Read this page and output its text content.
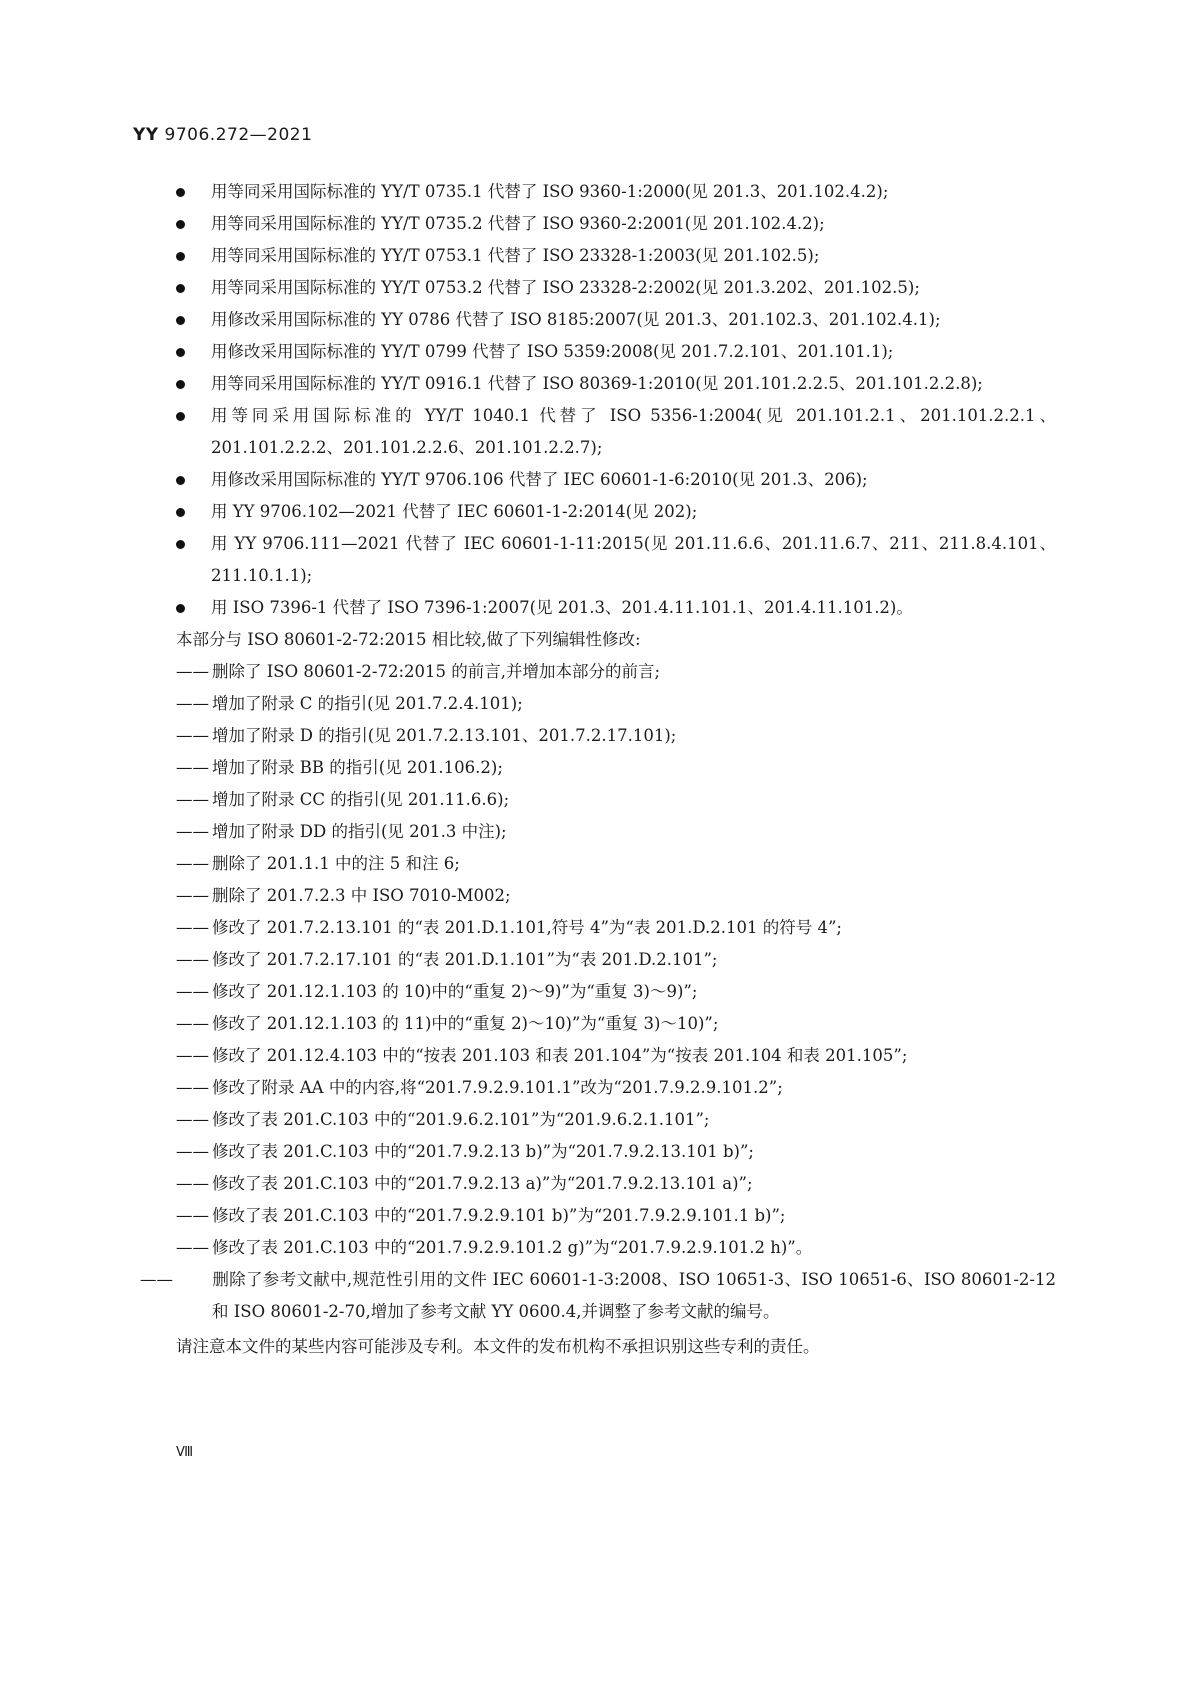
YY 9706.272—2021
用等同采用国际标准的 YY/T 0735.1 代替了 ISO 9360-1:2000(见 201.3、201.102.4.2);
用等同采用国际标准的 YY/T 0735.2 代替了 ISO 9360-2:2001(见 201.102.4.2);
用等同采用国际标准的 YY/T 0753.1 代替了 ISO 23328-1:2003(见 201.102.5);
用等同采用国际标准的 YY/T 0753.2 代替了 ISO 23328-2:2002(见 201.3.202、201.102.5);
用修改采用国际标准的 YY 0786 代替了 ISO 8185:2007(见 201.3、201.102.3、201.102.4.1);
用修改采用国际标准的 YY/T 0799 代替了 ISO 5359:2008(见 201.7.2.101、201.101.1);
用等同采用国际标准的 YY/T 0916.1 代替了 ISO 80369-1:2010(见 201.101.2.2.5、201.101.2.2.8);
用等同采用国际标准的 YY/T 1040.1 代替了 ISO 5356-1:2004(见 201.101.2.1、201.101.2.2.1、201.101.2.2.2、201.101.2.2.6、201.101.2.2.7);
用修改采用国际标准的 YY/T 9706.106 代替了 IEC 60601-1-6:2010(见 201.3、206);
用 YY 9706.102—2021 代替了 IEC 60601-1-2:2014(见 202);
用 YY 9706.111—2021 代替了 IEC 60601-1-11:2015(见 201.11.6.6、201.11.6.7、211、211.8.4.101、211.10.1.1);
用 ISO 7396-1 代替了 ISO 7396-1:2007(见 201.3、201.4.11.101.1、201.4.11.101.2)。
本部分与 ISO 80601-2-72:2015 相比较,做了下列编辑性修改:
—— 删除了 ISO 80601-2-72:2015 的前言,并增加本部分的前言;
—— 增加了附录 C 的指引(见 201.7.2.4.101);
—— 增加了附录 D 的指引(见 201.7.2.13.101、201.7.2.17.101);
—— 增加了附录 BB 的指引(见 201.106.2);
—— 增加了附录 CC 的指引(见 201.11.6.6);
—— 增加了附录 DD 的指引(见 201.3 中注);
—— 删除了 201.1.1 中的注 5 和注 6;
—— 删除了 201.7.2.3 中 ISO 7010-M002;
—— 修改了 201.7.2.13.101 的“表 201.D.1.101,符号 4”为“表 201.D.2.101 的符号 4”;
—— 修改了 201.7.2.17.101 的“表 201.D.1.101”为“表 201.D.2.101”;
—— 修改了 201.12.1.103 的 10)中的“重复 2)～9)”为“重复 3)～9)”;
—— 修改了 201.12.1.103 的 11)中的“重复 2)～10)”为“重复 3)～10)”;
—— 修改了 201.12.4.103 中的“按表 201.103 和表 201.104”为“按表 201.104 和表 201.105”;
—— 修改了附录 AA 中的内容,将“201.7.9.2.9.101.1”改为“201.7.9.2.9.101.2”;
—— 修改了表 201.C.103 中的“201.9.6.2.101”为“201.9.6.2.1.101”;
—— 修改了表 201.C.103 中的“201.7.9.2.13 b)”为“201.7.9.2.13.101 b)”;
—— 修改了表 201.C.103 中的“201.7.9.2.13 a)”为“201.7.9.2.13.101 a)”;
—— 修改了表 201.C.103 中的“201.7.9.2.9.101 b)”为“201.7.9.2.9.101.1 b)”;
—— 修改了表 201.C.103 中的“201.7.9.2.9.101.2 g)”为“201.7.9.2.9.101.2 h)”。
—— 删除了参考文献中,规范性引用的文件 IEC 60601-1-3:2008、ISO 10651-3、ISO 10651-6、ISO 80601-2-12和 ISO 80601-2-70,增加了参考文献 YY 0600.4,并调整了参考文献的编号。
请注意本文件的某些内容可能涉及专利。本文件的发布机构不承担识别这些专利的责任。
Ⅷ
